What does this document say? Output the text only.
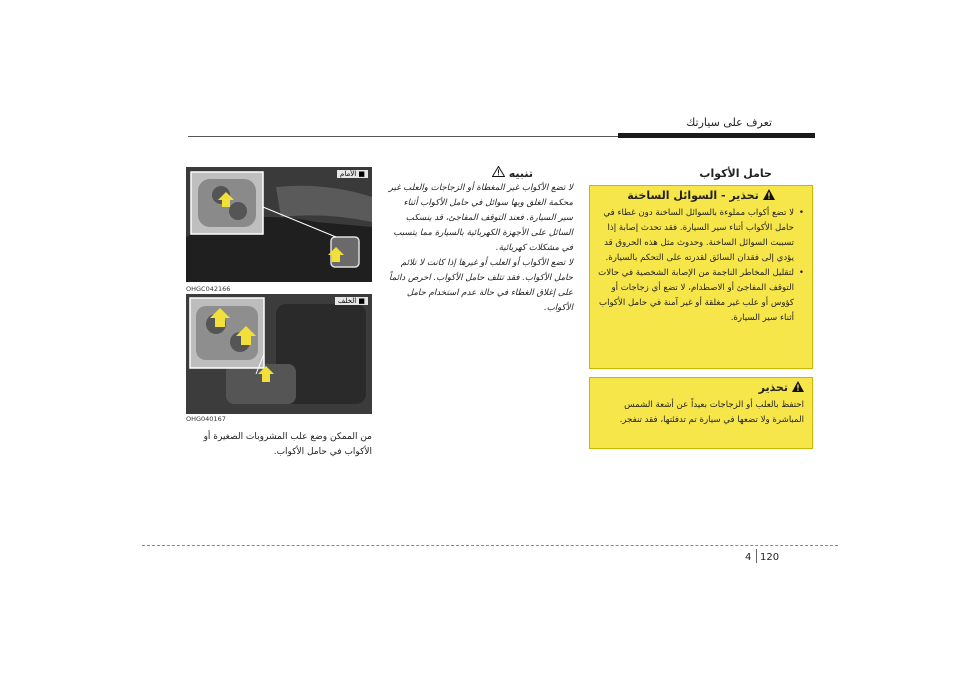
تعرف على سيارتك
حامل الأكواب
تحذير - السوائل الساخنة
•
لا تضع أكواب مملوءة بالسوائل الساخنة دون غطاء في حامل الأكواب أثناء سير السيارة. فقد تحدث إصابة إذا تسببت السوائل الساخنة. وحدوث مثل هذه الحروق قد يؤدي إلى فقدان السائق لقدرته على التحكم بالسيارة.
•
لتقليل المخاطر الناجمة من الإصابة الشخصية في حالات التوقف المفاجئ أو الاصطدام، لا تضع أي زجاجات أو كؤوس أو علب غير مغلقة أو غير آمنة في حامل الأكواب أثناء سير السيارة.
تحذير
احتفظ بالعلب أو الزجاجات بعيداً عن أشعة الشمس المباشرة ولا تضعها في سيارة تم تدفئتها، فقد تنفجر.
تنبيه
لا تضع الأكواب غير المغطاة أو الزجاجات والعلب غير محكمة الغلق وبها سوائل في حامل الأكواب أثناء سير السيارة. فعند التوقف المفاجئ، قد ينسكب السائل على الأجهزة الكهربائية بالسيارة مما يتسبب في مشكلات كهربائية.
لا تضع الأكواب أو العلب أو غيرها إذا كانت لا تلائم حامل الأكواب. فقد تتلف حامل الأكواب. احرص دائماً على إغلاق الغطاء في حالة عدم استخدام حامل الأكواب.
■ الأمام
OHGC042166
■ الخلف
OHG040167
من الممكن وضع علب المشروبات الصغيرة أو الأكواب في حامل الأكواب.
4 120
